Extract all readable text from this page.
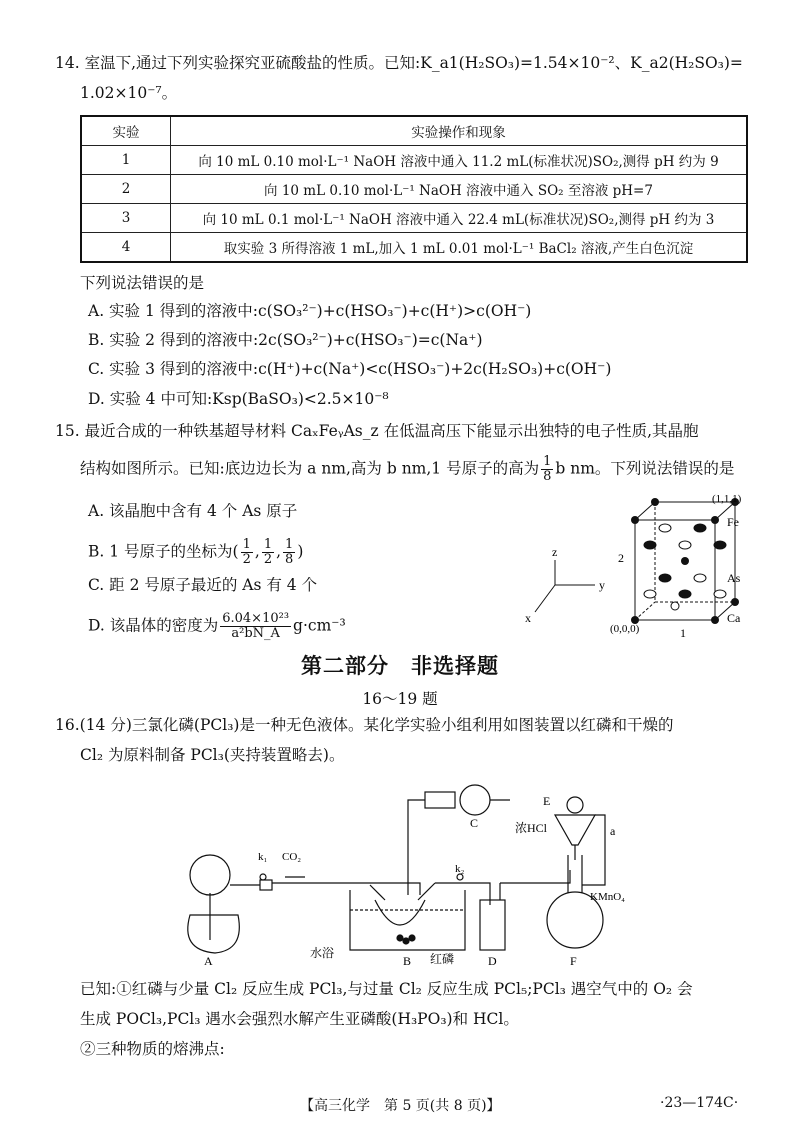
14. 室温下,通过下列实验探究亚硫酸盐的性质。已知:K_a1(H₂SO₃)=1.54×10⁻²、K_a2(H₂SO₃)=
1.02×10⁻⁷。
实验	实验操作和现象
1	向 10 mL 0.10 mol·L⁻¹ NaOH 溶液中通入 11.2 mL(标准状况)SO₂,测得 pH 约为 9
2	向 10 mL 0.10 mol·L⁻¹ NaOH 溶液中通入 SO₂ 至溶液 pH=7
3	向 10 mL 0.1 mol·L⁻¹ NaOH 溶液中通入 22.4 mL(标准状况)SO₂,测得 pH 约为 3
4	取实验 3 所得溶液 1 mL,加入 1 mL 0.01 mol·L⁻¹ BaCl₂ 溶液,产生白色沉淀
下列说法错误的是
A. 实验 1 得到的溶液中:c(SO₃²⁻)+c(HSO₃⁻)+c(H⁺)>c(OH⁻)
B. 实验 2 得到的溶液中:2c(SO₃²⁻)+c(HSO₃⁻)=c(Na⁺)
C. 实验 3 得到的溶液中:c(H⁺)+c(Na⁺)<c(HSO₃⁻)+2c(H₂SO₃)+c(OH⁻)
D. 实验 4 中可知:Ksp(BaSO₃)<2.5×10⁻⁸
15. 最近合成的一种铁基超导材料 CaₓFeᵧAs_z 在低温高压下能显示出独特的电子性质,其晶胞
结构如图所示。已知:底边边长为 a nm,高为 b nm,1 号原子的高为 $\frac{1}{8}$ b nm。下列说法错误的是
A. 该晶胞中含有 4 个 As 原子
B. 1 号原子的坐标为( $\frac{1}{2}$ , $\frac{1}{2}$ , $\frac{1}{8}$ )
C. 距 2 号原子最近的 As 有 4 个
D. 该晶体的密度为 $\frac{\text{6.04×10²³}}{\text{a²bN\_A}} g\cdot cm^{-3}$
z
y
x
(1,1,1)
Fe
As
Ca
(0,0,0)	1
2
第二部分　非选择题
16～19 题
16.(14 分)三氯化磷(PCl₃)是一种无色液体。某化学实验小组利用如图装置以红磷和干燥的
Cl₂ 为原料制备 PCl₃(夹持装置略去)。
A	B
C
D
E
F
k₁ CO₂
k₂
水浴	红磷
浓HCl	a
KMnO₄
已知:①红磷与少量 Cl₂ 反应生成 PCl₃,与过量 Cl₂ 反应生成 PCl₅;PCl₃ 遇空气中的 O₂ 会
生成 POCl₃,PCl₃ 遇水会强烈水解产生亚磷酸(H₃PO₃)和 HCl。
②三种物质的熔沸点:
【高三化学　第 5 页(共 8 页)】	·23—174C·
